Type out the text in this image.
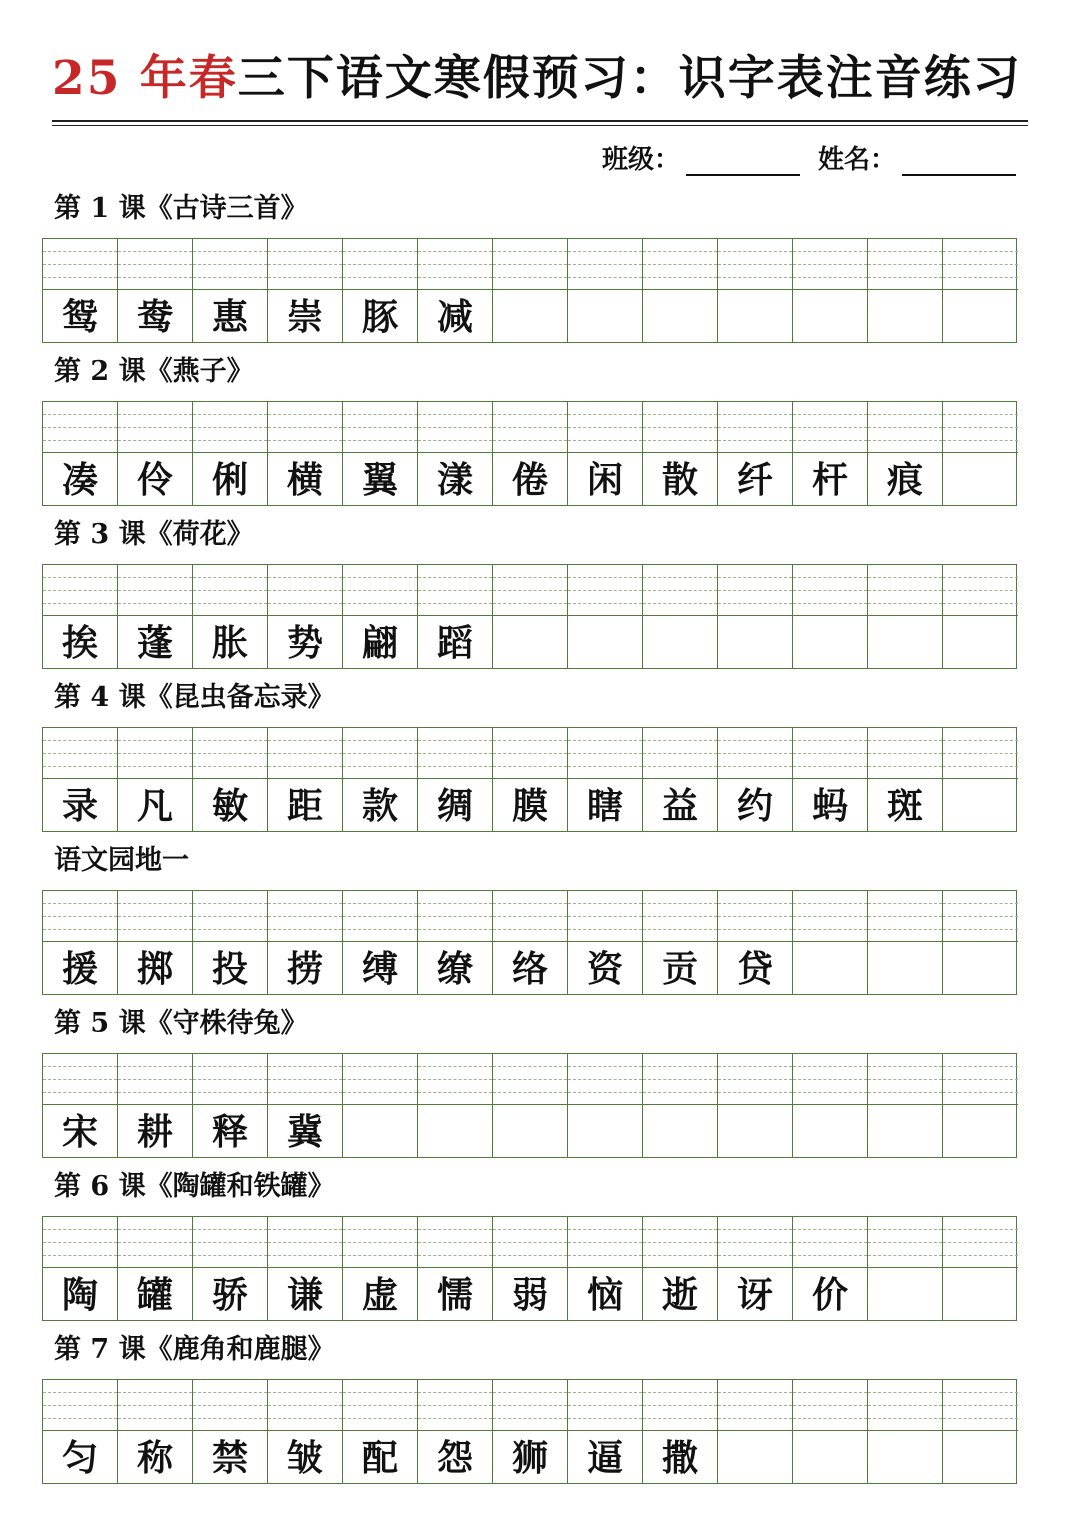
25 年春三下语文寒假预习：识字表注音练习
班级：	姓名：
第 1 课《古诗三首》
鸳	鸯	惠	崇	豚	减
第 2 课《燕子》
凑	伶	俐	横	翼	漾	倦	闲	散	纤	杆	痕
第 3 课《荷花》
挨	蓬	胀	势	翩	蹈
第 4 课《昆虫备忘录》
录	凡	敏	距	款	绸	膜	瞎	益	约	蚂	斑
语文园地一
援	掷	投	捞	缚	缭	络	资	贡	贷
第 5 课《守株待兔》
宋	耕	释	冀
第 6 课《陶罐和铁罐》
陶	罐	骄	谦	虚	懦	弱	恼	逝	讶	价
第 7 课《鹿角和鹿腿》
匀	称	禁	皱	配	怨	狮	逼	撒
